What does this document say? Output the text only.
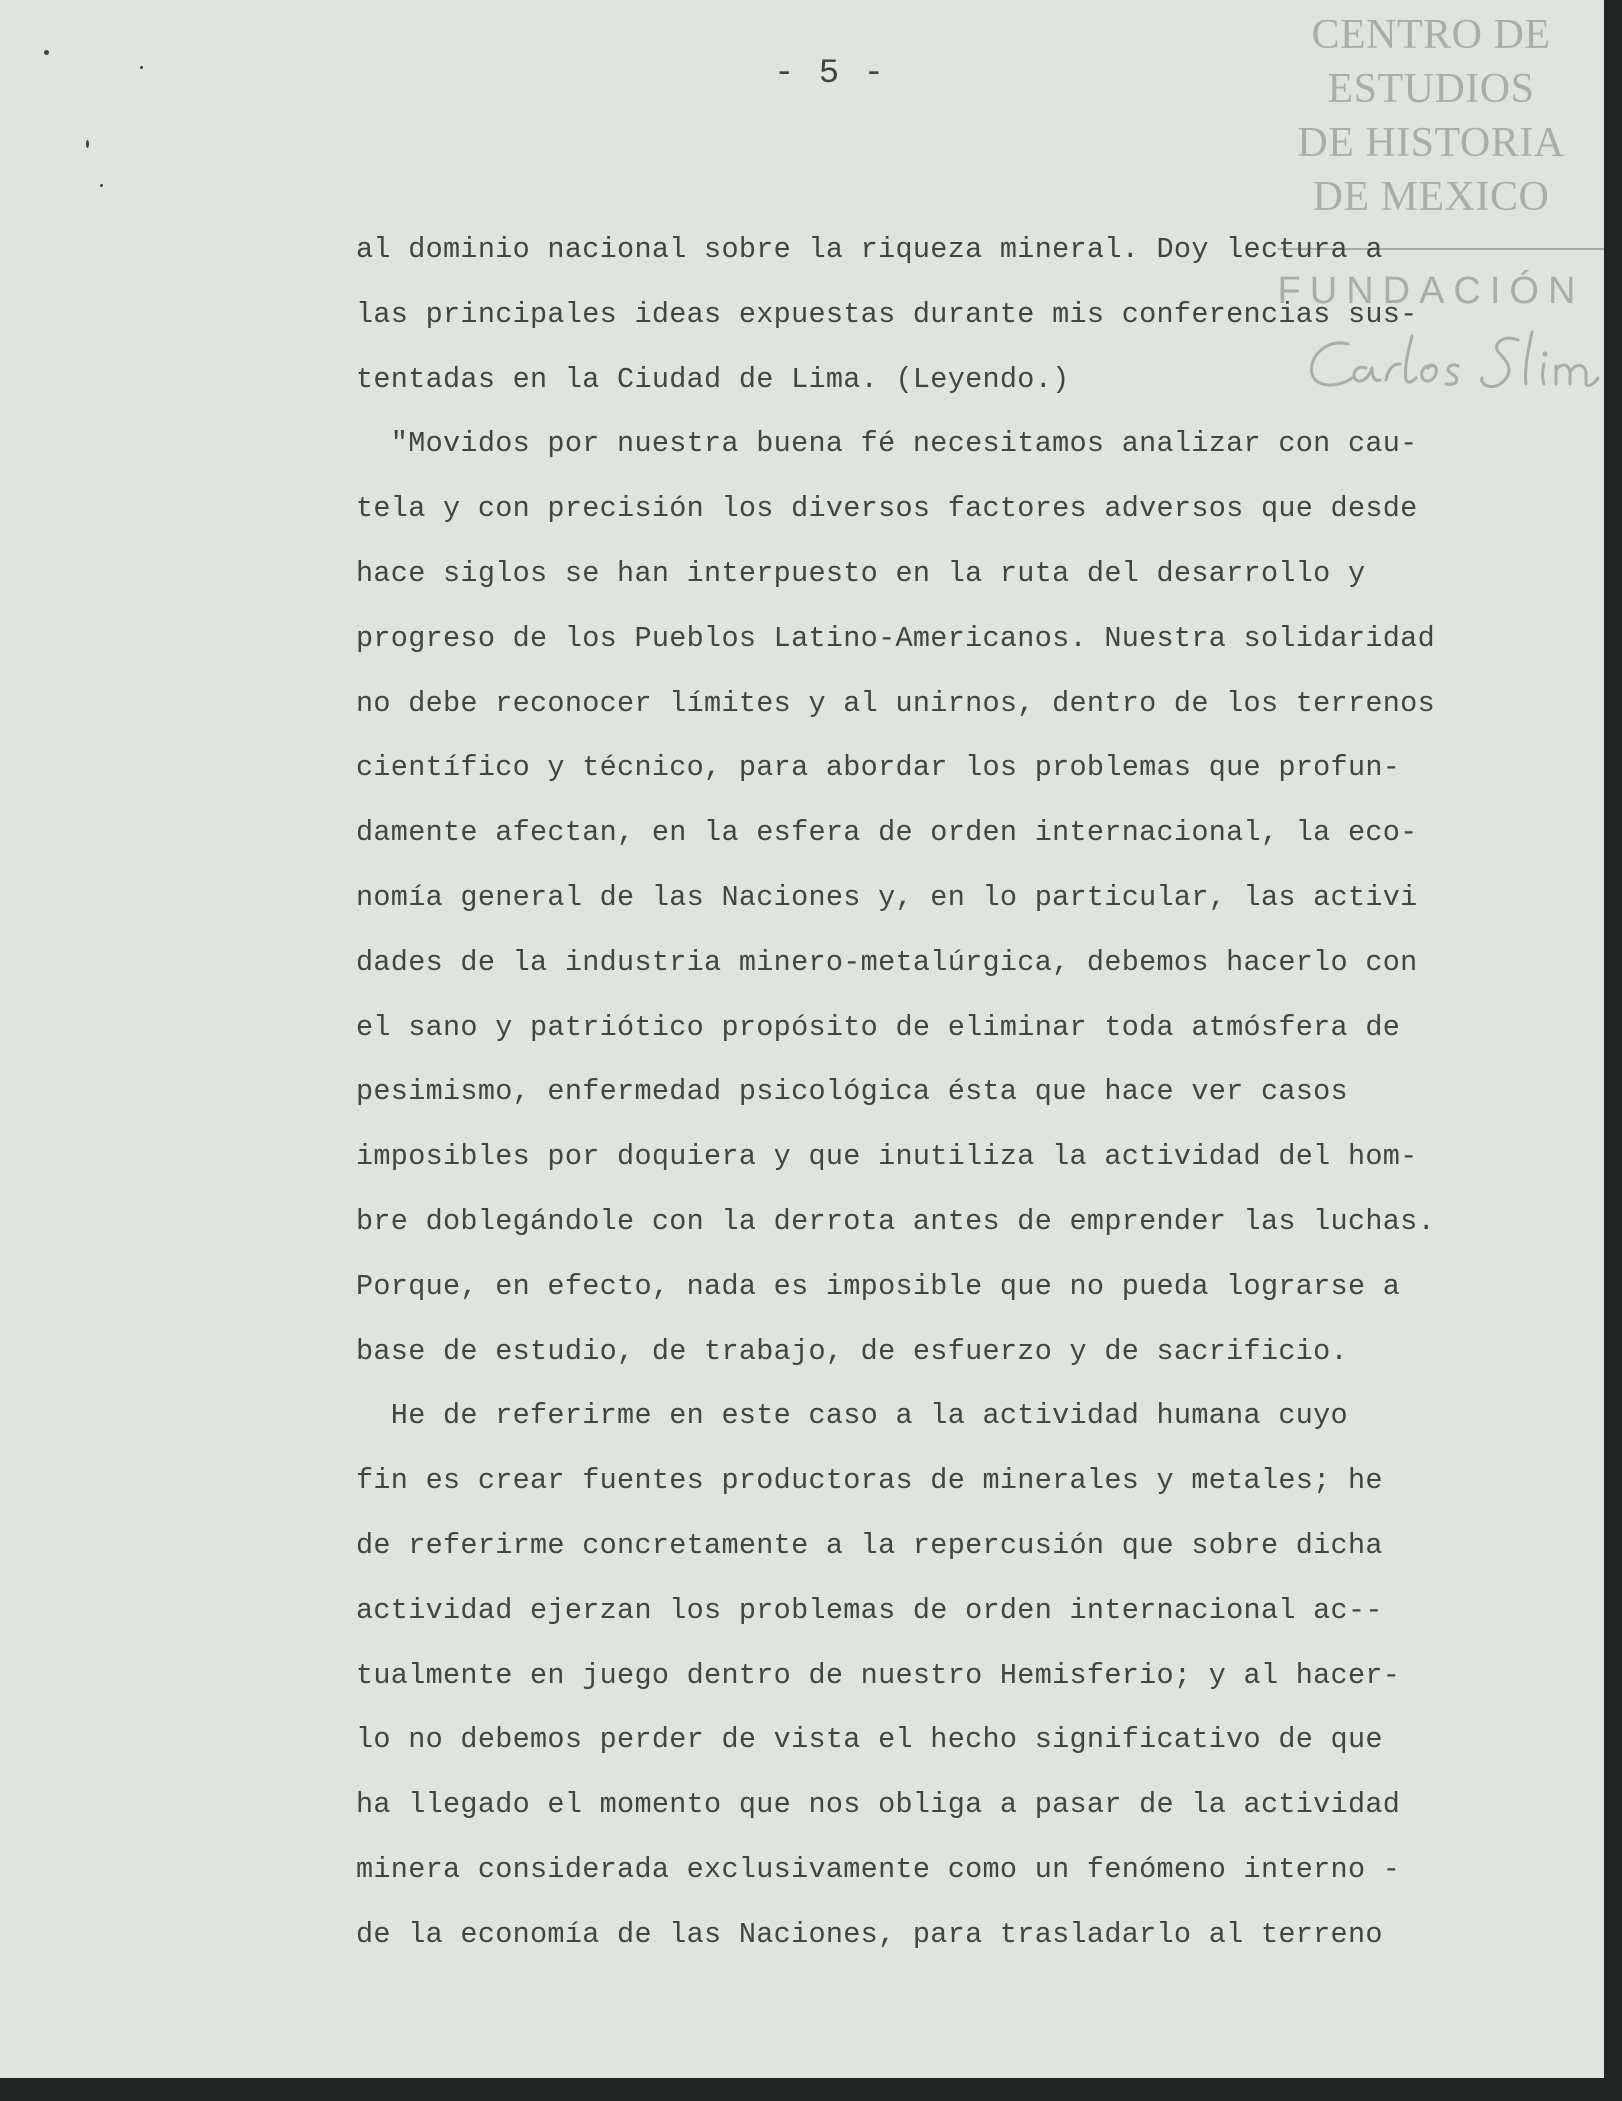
- 5 -
CENTRO DE
ESTUDIOS
DE HISTORIA
DE MEXICO
FUNDACIÓN
al dominio nacional sobre la riqueza mineral. Doy lectura a
las principales ideas expuestas durante mis conferencias sus-
tentadas en la Ciudad de Lima. (Leyendo.)
"Movidos por nuestra buena fé necesitamos analizar con cau-
tela y con precisión los diversos factores adversos que desde
hace siglos se han interpuesto en la ruta del desarrollo y
progreso de los Pueblos Latino-Americanos. Nuestra solidaridad
no debe reconocer límites y al unirnos, dentro de los terrenos
científico y técnico, para abordar los problemas que profun-
damente afectan, en la esfera de orden internacional, la eco-
nomía general de las Naciones y, en lo particular, las activi
dades de la industria minero-metalúrgica, debemos hacerlo con
el sano y patriótico propósito de eliminar toda atmósfera de
pesimismo, enfermedad psicológica ésta que hace ver casos
imposibles por doquiera y que inutiliza la actividad del hom-
bre doblegándole con la derrota antes de emprender las luchas.
Porque, en efecto, nada es imposible que no pueda lograrse a
base de estudio, de trabajo, de esfuerzo y de sacrificio.
He de referirme en este caso a la actividad humana cuyo
fin es crear fuentes productoras de minerales y metales; he
de referirme concretamente a la repercusión que sobre dicha
actividad ejerzan los problemas de orden internacional ac--
tualmente en juego dentro de nuestro Hemisferio; y al hacer-
lo no debemos perder de vista el hecho significativo de que
ha llegado el momento que nos obliga a pasar de la actividad
minera considerada exclusivamente como un fenómeno interno -
de la economía de las Naciones, para trasladarlo al terreno
